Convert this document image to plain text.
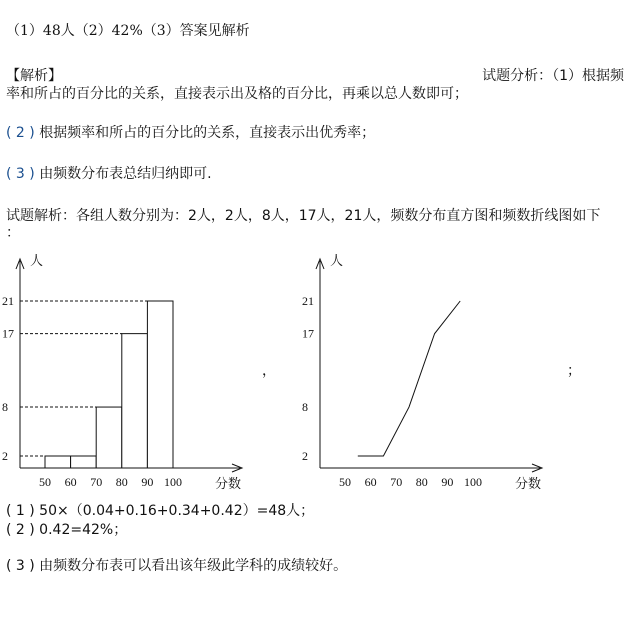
（1）48人（2）42%（3）答案见解析
【解析】	试题分析：（1）根据频
率和所占的百分比的关系，直接表示出及格的百分比，再乘以总人数即可；
( 2 ) 根据频率和所占的百分比的关系，直接表示出优秀率；
( 3 ) 由频数分布表总结归纳即可.
试题解析：各组人数分别为：2人，2人，8人，17人，21人，频数分布直方图和频数折线图如下
：
人
分数
50 60 70 80 90 100
2
8
17
21
人
分数
50 60 70 80 90 100
2
8
17
21
，	；
( 1 ) 50×（0.04+0.16+0.34+0.42）=48人；
( 2 ) 0.42=42%；
( 3 ) 由频数分布表可以看出该年级此学科的成绩较好。
